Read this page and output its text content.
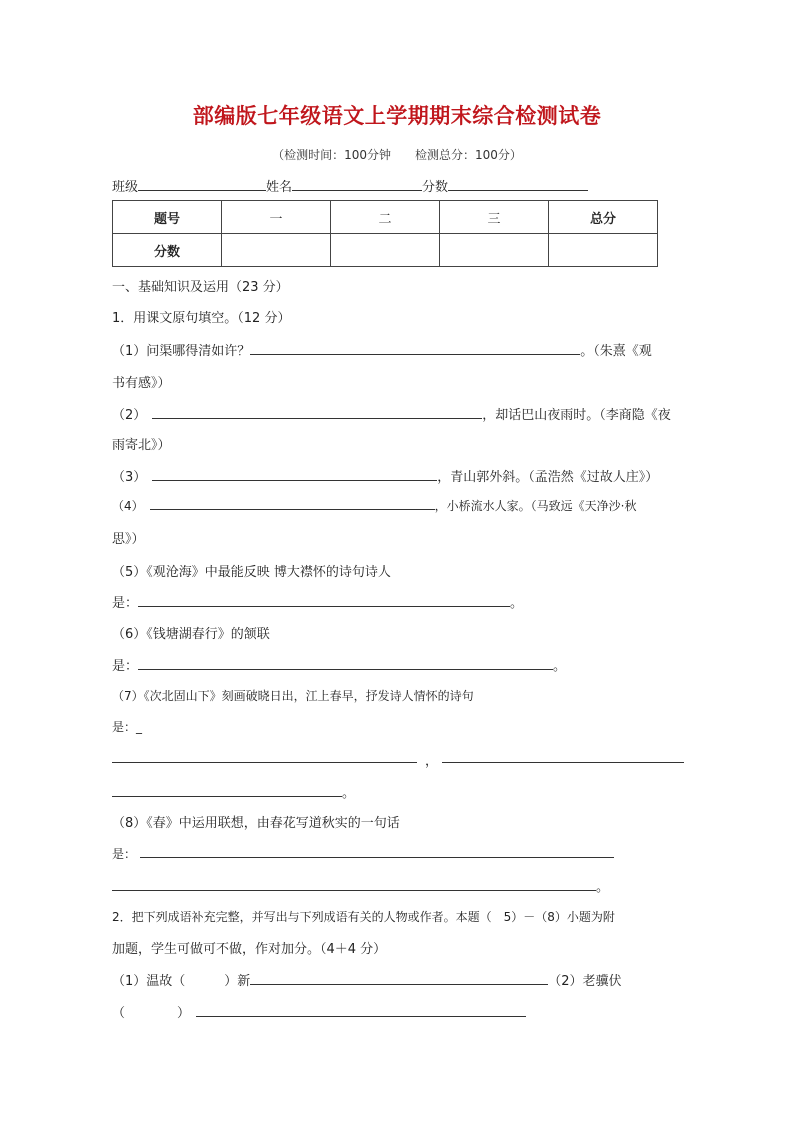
部编版七年级语文上学期期末综合检测试卷
（检测时间：100分钟　　检测总分：100分）
班级	姓名	分数
题号	一	二	三	总分
分数				
一、基础知识及运用（23 分）
1．用课文原句填空。（12 分）
（1）问渠哪得清如许？	。（朱熹《观
书有感》）
（2）	，却话巴山夜雨时。（李商隐《夜
雨寄北》）
（3）	，青山郭外斜。（孟浩然《过故人庄》）
（4）	，小桥流水人家。（马致远《天净沙·秋
思》）
（5）《观沧海》中最能反映 博大襟怀的诗句诗人
是：	。
（6）《钱塘湖春行》的颔联
是：	。
（7）《次北固山下》刻画破晓日出，江上春早，抒发诗人情怀的诗句
是：_
，
。
（8）《春》中运用联想，由春花写道秋实的一句话
是：
。
2．把下列成语补充完整，并写出与下列成语有关的人物或作者。本题（　5）－（8）小题为附
加题，学生可做可不做，作对加分。（4＋4 分）
（1）温故（　　　）新	（2）老骥伏
（　　　　）
